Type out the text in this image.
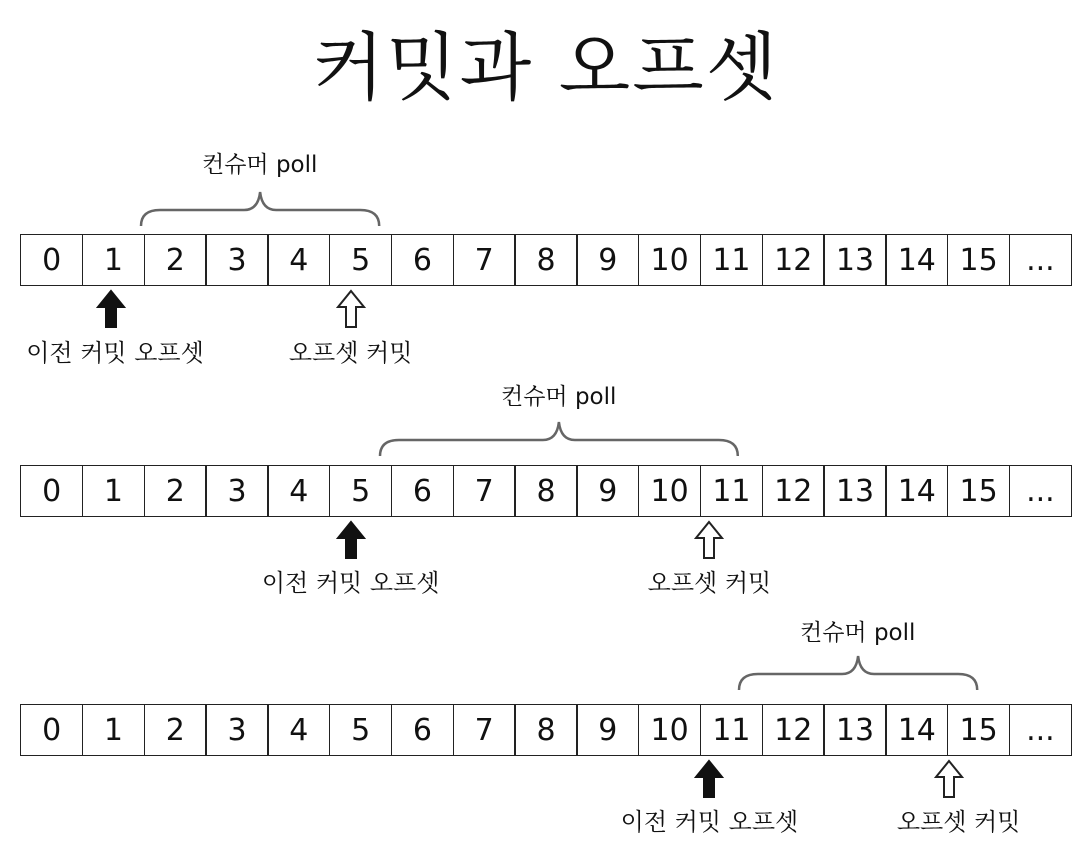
커밋과 오프셋
0	1	2	3	4	5	6	7	8	9	10 11 12 13 14 15 ...
컨슈머 poll
이전 커밋 오프셋	오프셋 커밋
0	1	2	3	4	5	6	7	8	9	10 11 12 13 14 15 ...
컨슈머 poll
이전 커밋 오프셋	오프셋 커밋
0	1	2	3	4	5	6	7	8	9	10 11 12 13 14 15 ...
컨슈머 poll
이전 커밋 오프셋	오프셋 커밋
